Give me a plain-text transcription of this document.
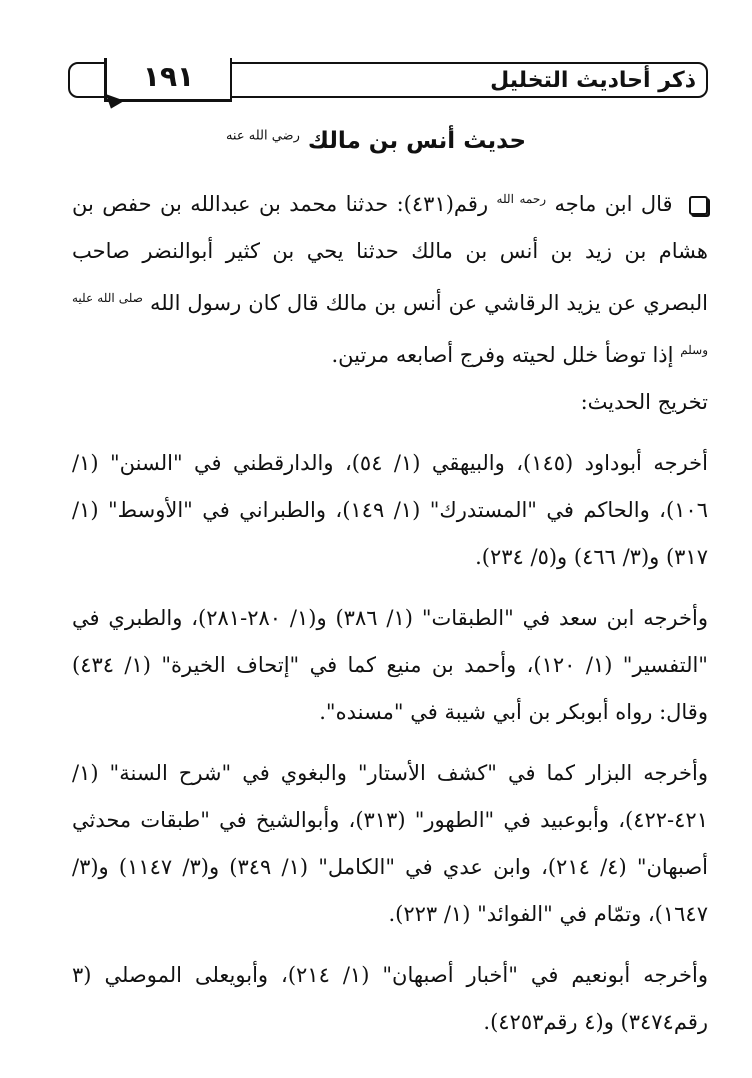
١٩١	ذكر أحاديث التخليل
حديث أنس بن مالك $^{رضي الله عنه}$

قال ابن ماجه $^{رحمه الله}$ رقم(٤٣١): حدثنا محمد بن عبدالله بن حفص بن هشام بن زيد بن أنس بن مالك حدثنا يحي بن كثير أبوالنضر صاحب البصري عن يزيد الرقاشي عن أنس بن مالك قال كان رسول الله $^{صلى الله عليه وسلم}$ إذا توضأ خلل لحيته وفرج أصابعه مرتين.

تخريج الحديث:

أخرجه أبوداود (١٤٥)، والبيهقي (١/ ٥٤)، والدارقطني في "السنن" (١/ ١٠٦)، والحاكم في "المستدرك" (١/ ١٤٩)، والطبراني في "الأوسط" (١/ ٣١٧) و(٣/ ٤٦٦) و(٥/ ٢٣٤).

وأخرجه ابن سعد في "الطبقات" (١/ ٣٨٦) و(١/ ٢٨٠-٢٨١)، والطبري في "التفسير" (١/ ١٢٠)، وأحمد بن منيع كما في "إتحاف الخيرة" (١/ ٤٣٤) وقال: رواه أبوبكر بن أبي شيبة في "مسنده".

وأخرجه البزار كما في "كشف الأستار" والبغوي في "شرح السنة" (١/ ٤٢١-٤٢٢)، وأبوعبيد في "الطهور" (٣١٣)، وأبوالشيخ في "طبقات محدثي أصبهان" (٤/ ٢١٤)، وابن عدي في "الكامل" (١/ ٣٤٩) و(٣/ ١١٤٧) و(٣/ ١٦٤٧)، وتمّام في "الفوائد" (١/ ٢٢٣).

وأخرجه أبونعيم في "أخبار أصبهان" (١/ ٢١٤)، وأبويعلى الموصلي (٣ رقم٣٤٧٤) و(٤ رقم٤٢٥٣).
